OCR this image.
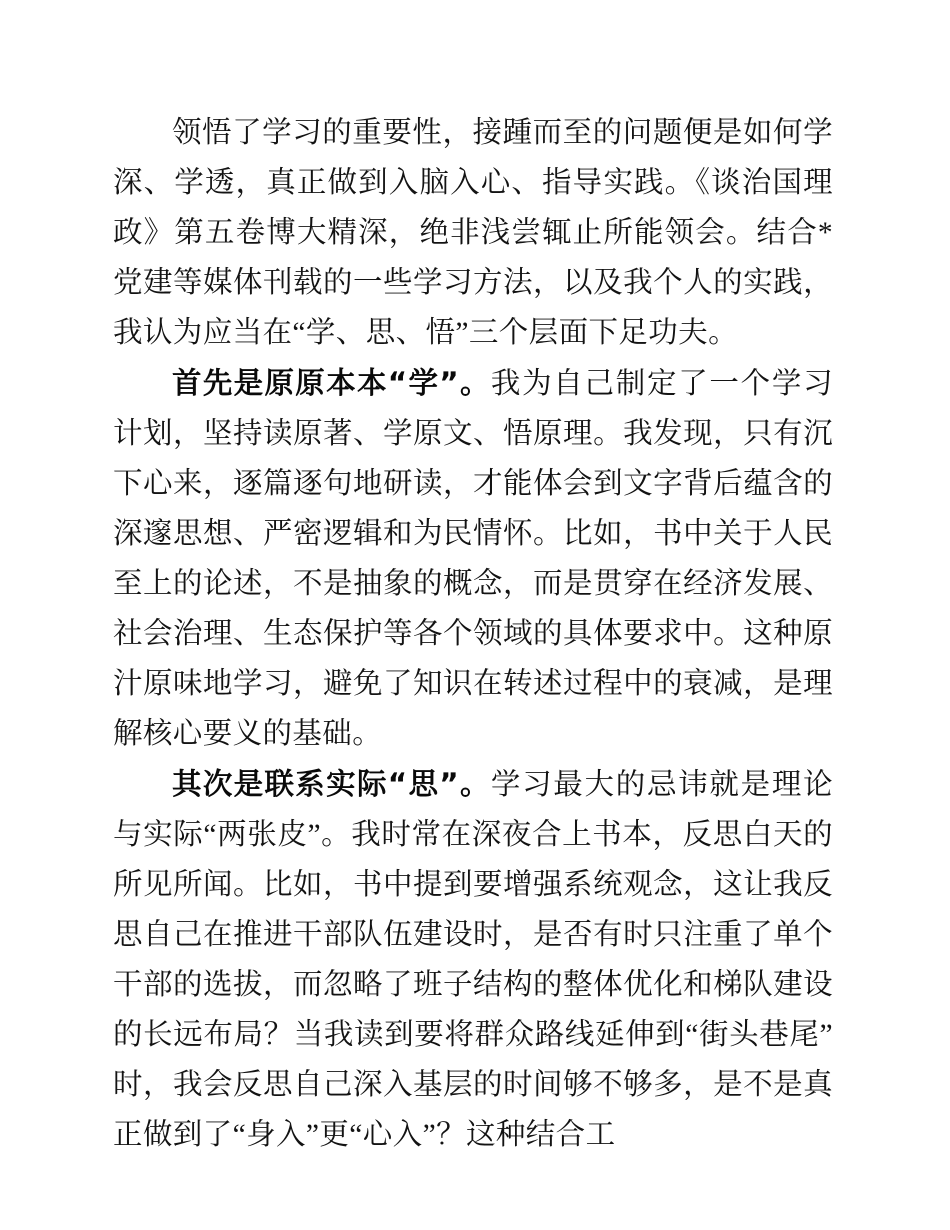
领悟了学习的重要性，接踵而至的问题便是如何学深、学透，真正做到入脑入心、指导实践。《谈治国理政》第五卷博大精深，绝非浅尝辄止所能领会。结合*党建等媒体刊载的一些学习方法，以及我个人的实践，我认为应当在“学、思、悟”三个层面下足功夫。

首先是原原本本“学”。我为自己制定了一个学习计划，坚持读原著、学原文、悟原理。我发现，只有沉下心来，逐篇逐句地研读，才能体会到文字背后蕴含的深邃思想、严密逻辑和为民情怀。比如，书中关于人民至上的论述，不是抽象的概念，而是贯穿在经济发展、社会治理、生态保护等各个领域的具体要求中。这种原汁原味地学习，避免了知识在转述过程中的衰减，是理解核心要义的基础。

其次是联系实际“思”。学习最大的忌讳就是理论与实际“两张皮”。我时常在深夜合上书本，反思白天的所见所闻。比如，书中提到要增强系统观念，这让我反思自己在推进干部队伍建设时，是否有时只注重了单个干部的选拔，而忽略了班子结构的整体优化和梯队建设的长远布局？当我读到要将群众路线延伸到“街头巷尾”时，我会反思自己深入基层的时间够不够多，是不是真正做到了“身入”更“心入”？这种结合工
